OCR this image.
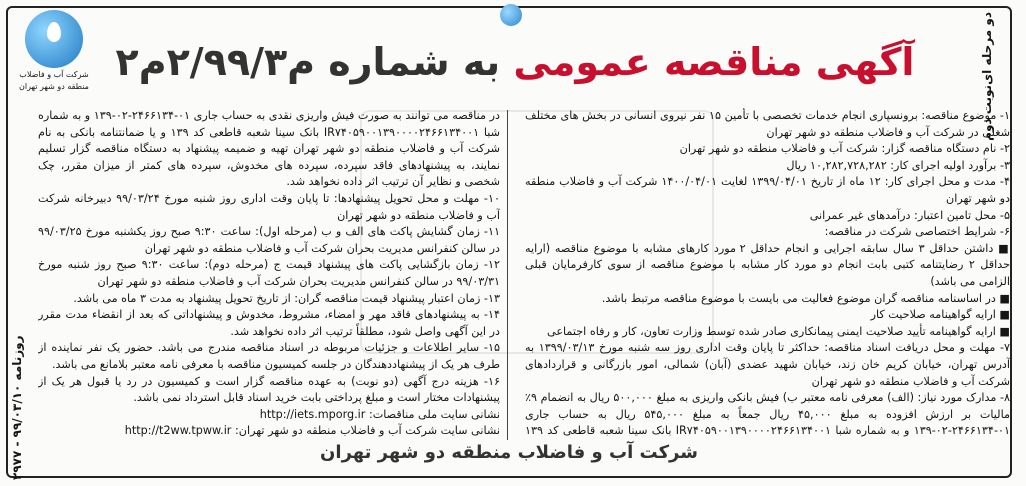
شرکت آب و فاضلاب
منطقه دو شهر تهران
آگهی مناقصه عمومی به شماره م۲/۹۹/۳م۲	دو مرحله ای
نوبت دوم
روزنامه ۹۹/۰۳/۱۰ - ۲۹۷۷

۱- موضوع مناقصه: برونسپاری انجام خدمات تخصصی با تأمین ۱۵ نفر نیروی انسانی در بخش های مختلف شغلی در شرکت آب و فاضلاب منطقه دو شهر تهران

۲- نام دستگاه مناقصه گزار: شرکت آب و فاضلاب منطقه دو شهر تهران

۳- برآورد اولیه اجرای کار: ۱۰,۲۸۲,۷۲۸,۲۸۲ ریال

۴- مدت و محل اجرای کار: ۱۲ ماه از تاریخ ۱۳۹۹/۰۴/۰۱ لغایت ۱۴۰۰/۰۴/۰۱ شرکت آب و فاضلاب منطقه دو شهر تهران

۵- محل تامین اعتبار: درآمدهای غیر عمرانی

۶- شرایط اختصاصی شرکت در مناقصه:

■ داشتن حداقل ۳ سال سابقه اجرایی و انجام حداقل ۲ مورد کارهای مشابه با موضوع مناقصه (ارایه حداقل ۲ رضایتنامه کتبی بابت انجام دو مورد کار مشابه با موضوع مناقصه از سوی کارفرمایان قبلی الزامی می باشد)

■ در اساسنامه مناقصه گران موضوع فعالیت می بایست با موضوع مناقصه مرتبط باشد.

■ ارایه گواهینامه صلاحیت کار

■ ارایه گواهینامه تأیید صلاحیت ایمنی پیمانکاری صادر شده توسط وزارت تعاون، کار و رفاه اجتماعی

۷- مهلت و محل دریافت اسناد مناقصه: حداکثر تا پایان وقت اداری روز سه شنبه مورخ ۱۳۹۹/۰۳/۱۳ به آدرس تهران، خیابان کریم خان زند، خیابان شهید عضدی (آبان) شمالی، امور بازرگانی و قراردادهای شرکت آب و فاضلاب منطقه دو شهر تهران

۸- مدارک مورد نیاز: (الف) معرفی نامه معتبر ب) فیش بانکی واریزی به مبلغ ۵۰۰,۰۰۰ ریال به انضمام ۹٪ مالیات بر ارزش افزوده به مبلغ ۴۵,۰۰۰ ریال جمعاً به مبلغ ۵۴۵,۰۰۰ ریال به حساب جاری ۰۱-۲۴۶۶۱۳۴-۰۲-۱۳۹ و به شماره شبا IR۷۴۰۵۹۰۰۱۳۹۰۰۰۰۲۴۶۶۱۳۴۰۰۱ بانک سینا شعبه قاطعی کد ۱۳۹

در مناقصه می توانند به صورت فیش واریزی نقدی به حساب جاری ۰۱-۲۴۶۶۱۳۴-۰۲-۱۳۹ و به شماره شبا IR۷۴۰۵۹۰۰۱۳۹۰۰۰۰۲۴۶۶۱۳۴۰۰۱ بانک سینا شعبه قاطعی کد ۱۳۹ و یا ضمانتنامه بانکی به نام شرکت آب و فاضلاب منطقه دو شهر تهران تهیه و ضمیمه پیشنهاد به دستگاه مناقصه گزار تسلیم نمایند، به پیشنهادهای فاقد سپرده، سپرده های مخدوش، سپرده های کمتر از میزان مقرر، چک شخصی و نظایر آن ترتیب اثر داده نخواهد شد.

۱۰- مهلت و محل تحویل پیشنهادها: تا پایان وقت اداری روز شنبه مورخ ۹۹/۰۳/۲۴ دبیرخانه شرکت آب و فاضلاب منطقه دو شهر تهران

۱۱- زمان گشایش پاکت های الف و ب (مرحله اول): ساعت ۹:۳۰ صبح روز یکشنبه مورخ ۹۹/۰۳/۲۵ در سالن کنفرانس مدیریت بحران شرکت آب و فاضلاب منطقه دو شهر تهران

۱۲- زمان بازگشایی پاکت های پیشنهاد قیمت ج (مرحله دوم): ساعت ۹:۳۰ صبح روز شنبه مورخ ۹۹/۰۳/۳۱ در سالن کنفرانس مدیریت بحران شرکت آب و فاضلاب منطقه دو شهر تهران

۱۳- زمان اعتبار پیشنهاد قیمت مناقصه گران: از تاریخ تحویل پیشنهاد به مدت ۳ ماه می باشد.

۱۴- به پیشنهادهای فاقد مهر و امضاء، مشروط، مخدوش و پیشنهاداتی که بعد از انقضاء مدت مقرر در این آگهی واصل شود، مطلقاً ترتیب اثر داده نخواهد شد.

۱۵- سایر اطلاعات و جزئیات مربوطه در اسناد مناقصه مندرج می باشد. حضور یک نفر نماینده از طرف هر یک از پیشنهاددهندگان در جلسه کمیسیون مناقصه با معرفی نامه معتبر بلامانع می باشد.

۱۶- هزینه درج آگهی (دو نوبت) به عهده مناقصه گزار است و کمیسیون در رد یا قبول هر یک از پیشنهادات مختار است و مبلغ پرداختی بابت خرید اسناد قابل استرداد نمی باشد.

نشانی سایت ملی مناقصات: http://iets.mporg.ir

نشانی سایت شرکت آب و فاضلاب منطقه دو شهر تهران: http://t2ww.tpww.ir

شرکت آب و فاضلاب منطقه دو شهر تهران
